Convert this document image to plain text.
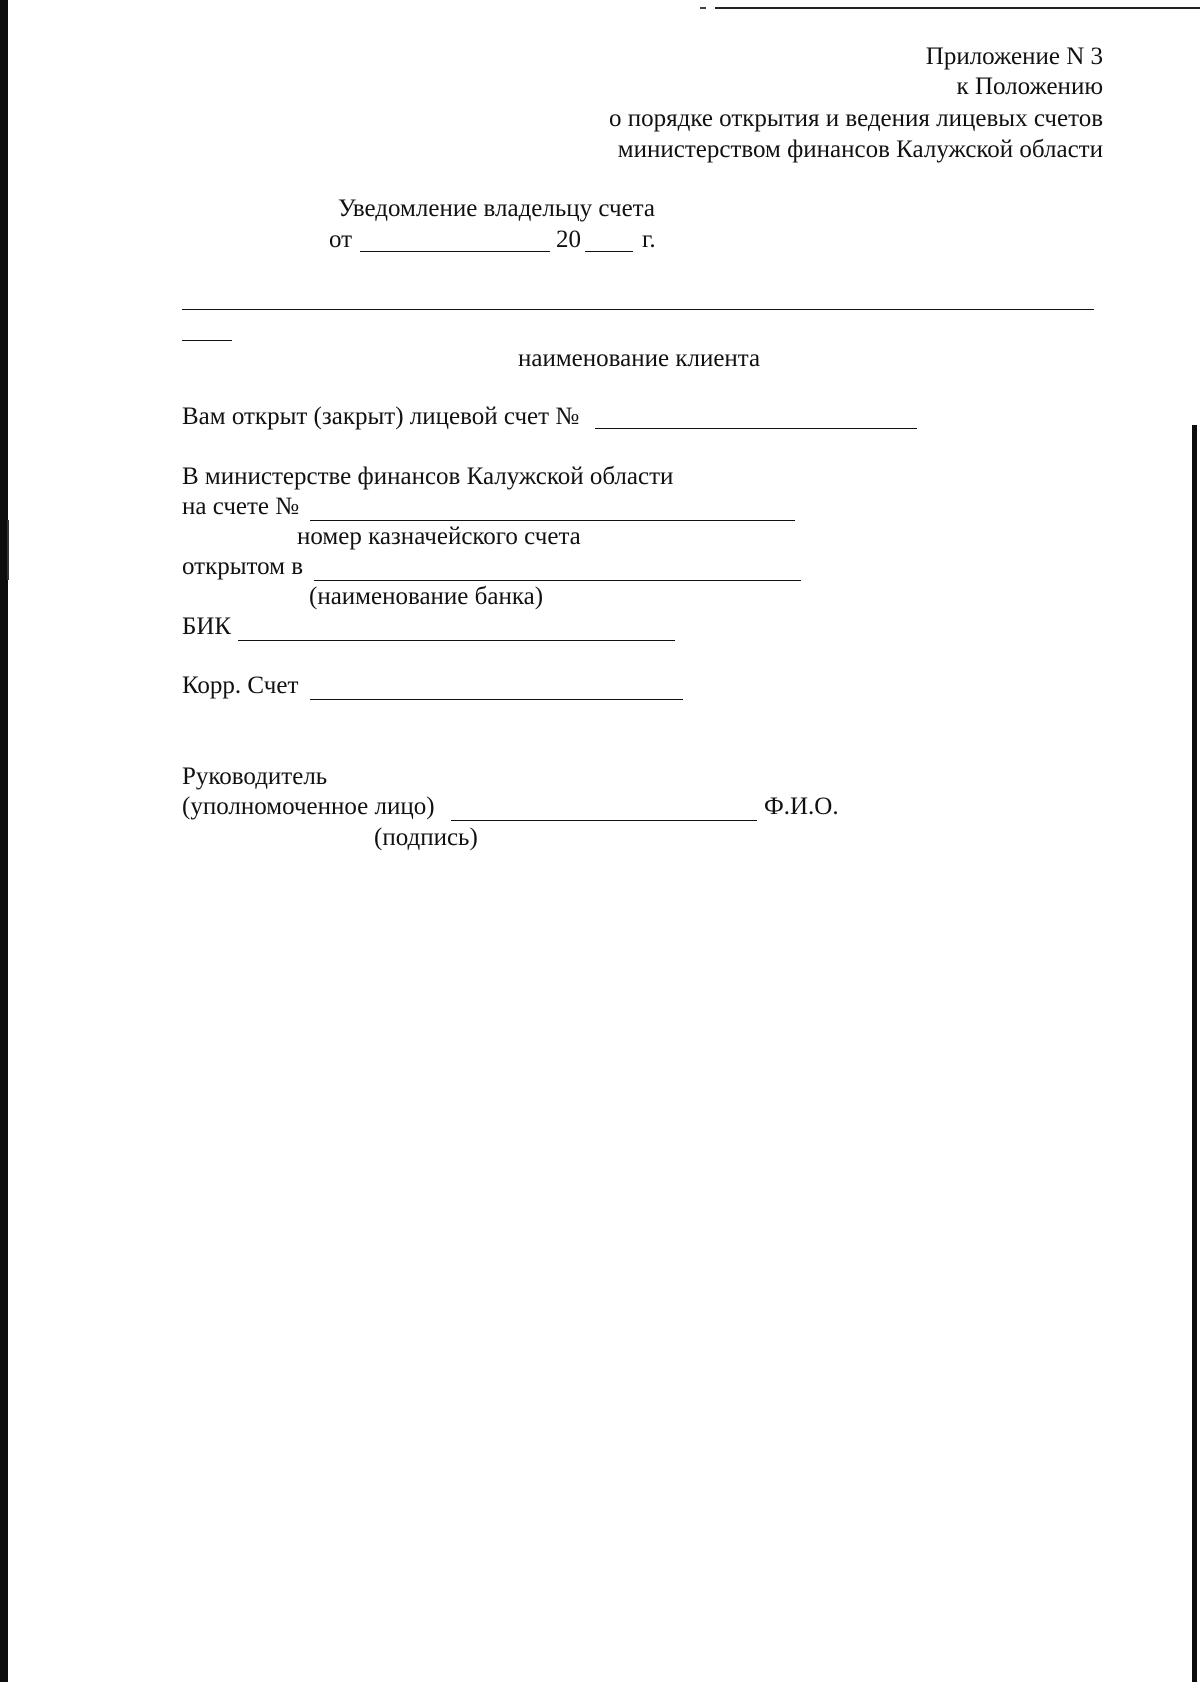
Приложение N 3
к Положению
о порядке открытия и ведения лицевых счетов
министерством финансов Калужской области
Уведомление владельцу счета
от	20 г.
наименование клиента
Вам открыт (закрыт) лицевой счет №
В министерстве финансов Калужской области
на счете №
номер казначейского счета
открытом в
(наименование банка)
БИК
Корр. Счет
Руководитель
(уполномоченное лицо)	Ф.И.О.
(подпись)
